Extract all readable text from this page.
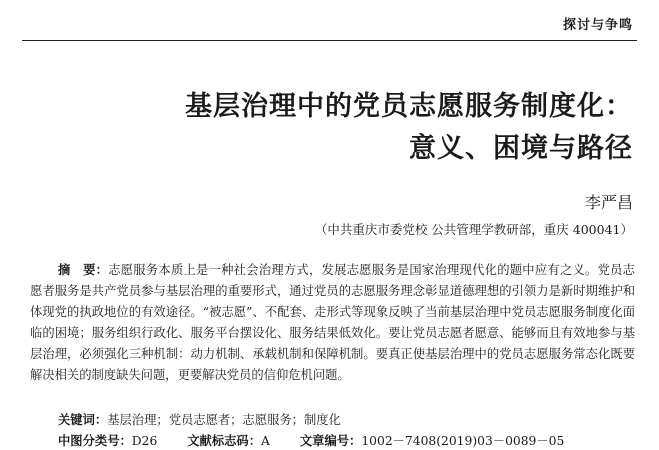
探讨与争鸣
基层治理中的党员志愿服务制度化：
意义、困境与路径
李严昌
（中共重庆市委党校 公共管理学教研部，重庆 400041）
摘　要：志愿服务本质上是一种社会治理方式，发展志愿服务是国家治理现代化的题中应有之义。党员志愿者服务是共产党员参与基层治理的重要形式，通过党员的志愿服务理念彰显道德理想的引领力是新时期维护和体现党的执政地位的有效途径。“被志愿”、不配套、走形式等现象反映了当前基层治理中党员志愿服务制度化面临的困境；服务组织行政化、服务平台摆设化、服务结果低效化。要让党员志愿者愿意、能够而且有效地参与基层治理，必须强化三种机制：动力机制、承载机制和保障机制。要真正使基层治理中的党员志愿服务常态化既要解决相关的制度缺失问题，更要解决党员的信仰危机问题。
关键词：基层治理；党员志愿者；志愿服务；制度化
中图分类号：D26 文献标志码：A 文章编号：1002－7408(2019)03－0089－05
